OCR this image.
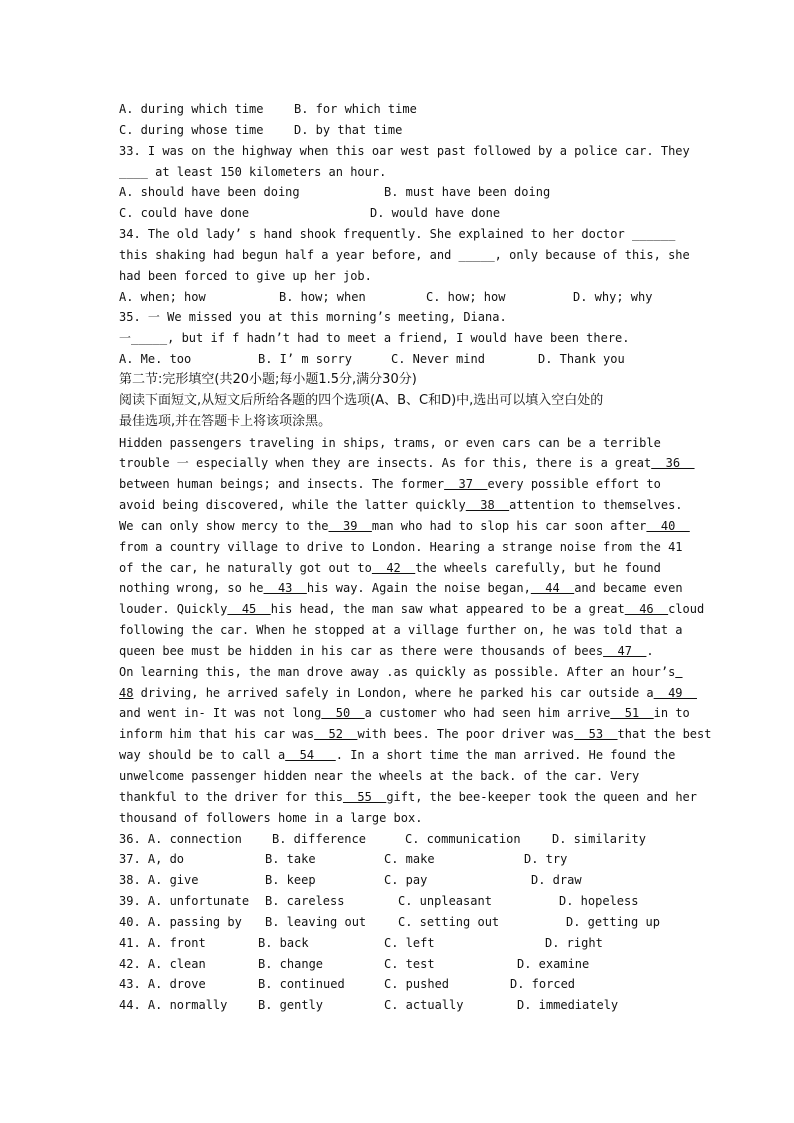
A. during which time	B. for which time
C. during whose time	D. by that time
33. I was on the highway when this oar west past followed by a police car. They
____ at least 150 kilometers an hour.
A. should have been doing	B. must have been doing
C. could have done	D. would have done
34. The old lady’ s hand shook frequently. She explained to her doctor ______
this shaking had begun half a year before, and _____, only because of this, she
had been forced to give up her job.
A. when; how	B. how; when	C. how; how	D. why; why
35. 一 We missed you at this morning’s meeting, Diana.
一_____, but if f hadn’t had to meet a friend, I would have been there.
A. Me. too	B. I’ m sorry	C. Never mind	D. Thank you
第二节:完形填空(共20小题;每小题1.5分,满分30分)
阅读下面短文,从短文后所给各题的四个选项(A、B、C和D)中,选出可以填入空白处的
最佳选项,并在答题卡上将该项涂黑。
Hidden passengers traveling in ships, trams, or even cars can be a terrible
trouble 一 especially when they are insects. As for this, there is a great  36
between human beings; and insects. The former  37  every possible effort to
avoid being discovered, while the latter quickly  38  attention to themselves.
We can only show mercy to the  39  man who had to slop his car soon after  40
from a country village to drive to London. Hearing a strange noise from the 41
of the car, he naturally got out to  42  the wheels carefully, but he found
nothing wrong, so he  43  his way. Again the noise began,  44  and became even
louder. Quickly  45  his head, the man saw what appeared to be a great  46  cloud
following the car. When he stopped at a village further on, he was told that a
queen bee must be hidden in his car as there were thousands of bees  47  .
On learning this, the man drove away .as quickly as possible. After an hour’s
48 driving, he arrived safely in London, where he parked his car outside a  49
and went in- It was not long  50  a customer who had seen him arrive  51  in to
inform him that his car was  52  with bees. The poor driver was  53  that the best
way should be to call a  54   . In a short time the man arrived. He found the
unwelcome passenger hidden near the wheels at the back. of the car. Very
thankful to the driver for this  55  gift, the bee-keeper took the queen and her
thousand of followers home in a large box.
36. A. connection	B. difference	C. communication	D. similarity
37. A, do	B. take	C. make	D. try
38. A. give	B. keep	C. pay	D. draw
39. A. unfortunate B. careless	C. unpleasant	D. hopeless
40. A. passing by B. leaving out	C. setting out	D. getting up
41. A. front	B. back	C. left	D. right
42. A. clean	B. change	C. test	D. examine
43. A. drove	B. continued	C. pushed	D. forced
44. A. normally	B. gently	C. actually	D. immediately
